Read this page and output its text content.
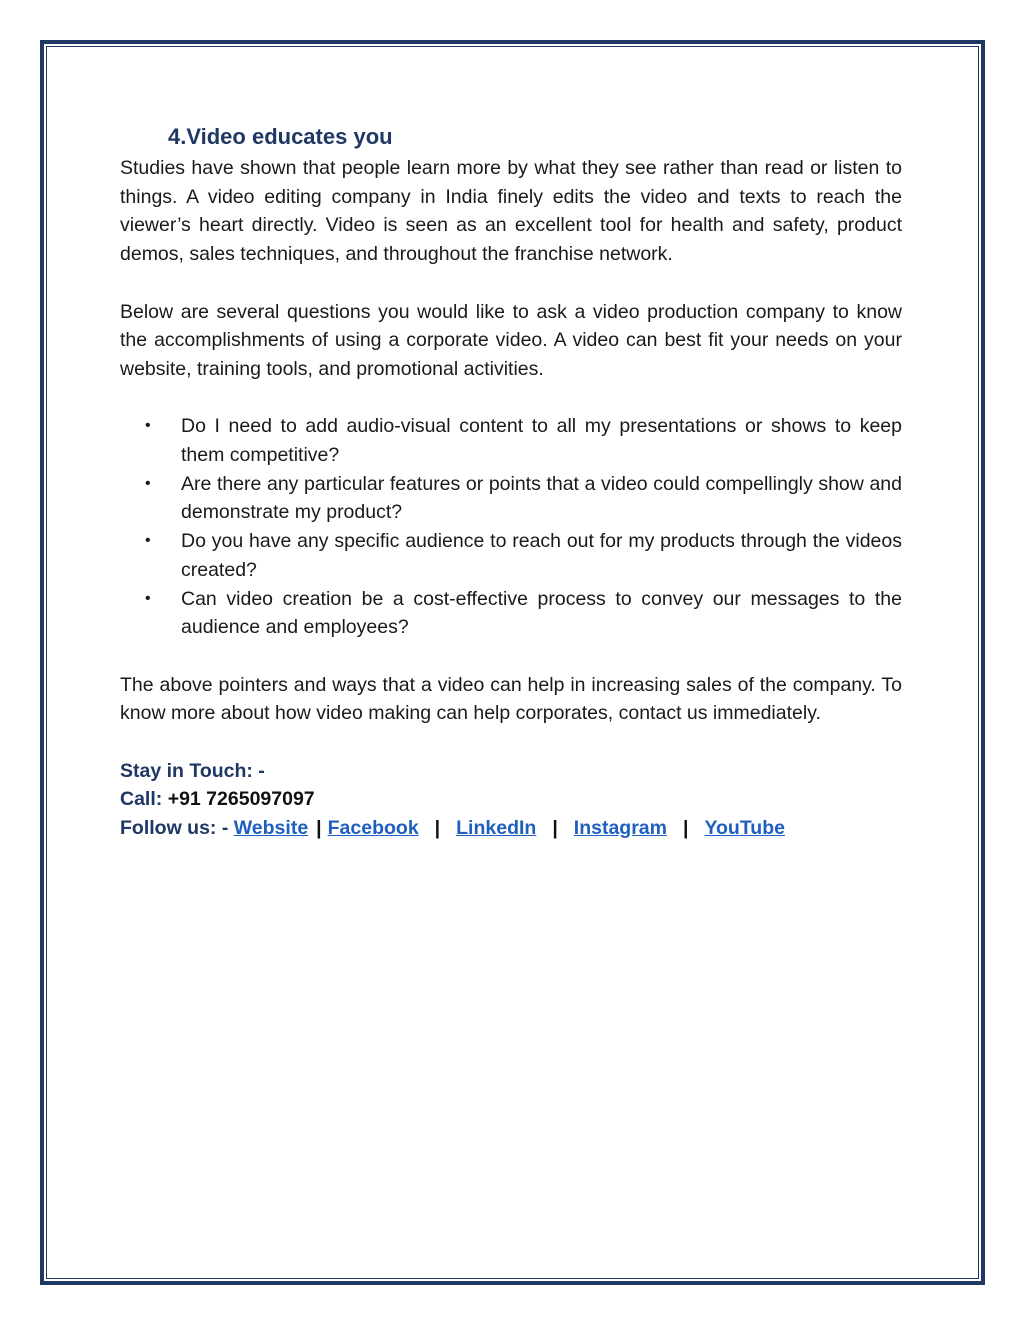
4.Video educates you

Studies have shown that people learn more by what they see rather than read or listen to things. A video editing company in India finely edits the video and texts to reach the viewer’s heart directly. Video is seen as an excellent tool for health and safety, product demos, sales techniques, and throughout the franchise network.

Below are several questions you would like to ask a video production company to know the accomplishments of using a corporate video. A video can best fit your needs on your website, training tools, and promotional activities.

• Do I need to add audio-visual content to all my presentations or shows to keep them competitive?
• Are there any particular features or points that a video could compellingly show and demonstrate my product?
• Do you have any specific audience to reach out for my products through the videos created?
• Can video creation be a cost-effective process to convey our messages to the audience and employees?

The above pointers and ways that a video can help in increasing sales of the company. To know more about how video making can help corporates, contact us immediately.

Stay in Touch: -
Call: +91 7265097097
Follow us: - Website | Facebook | LinkedIn | Instagram | YouTube
